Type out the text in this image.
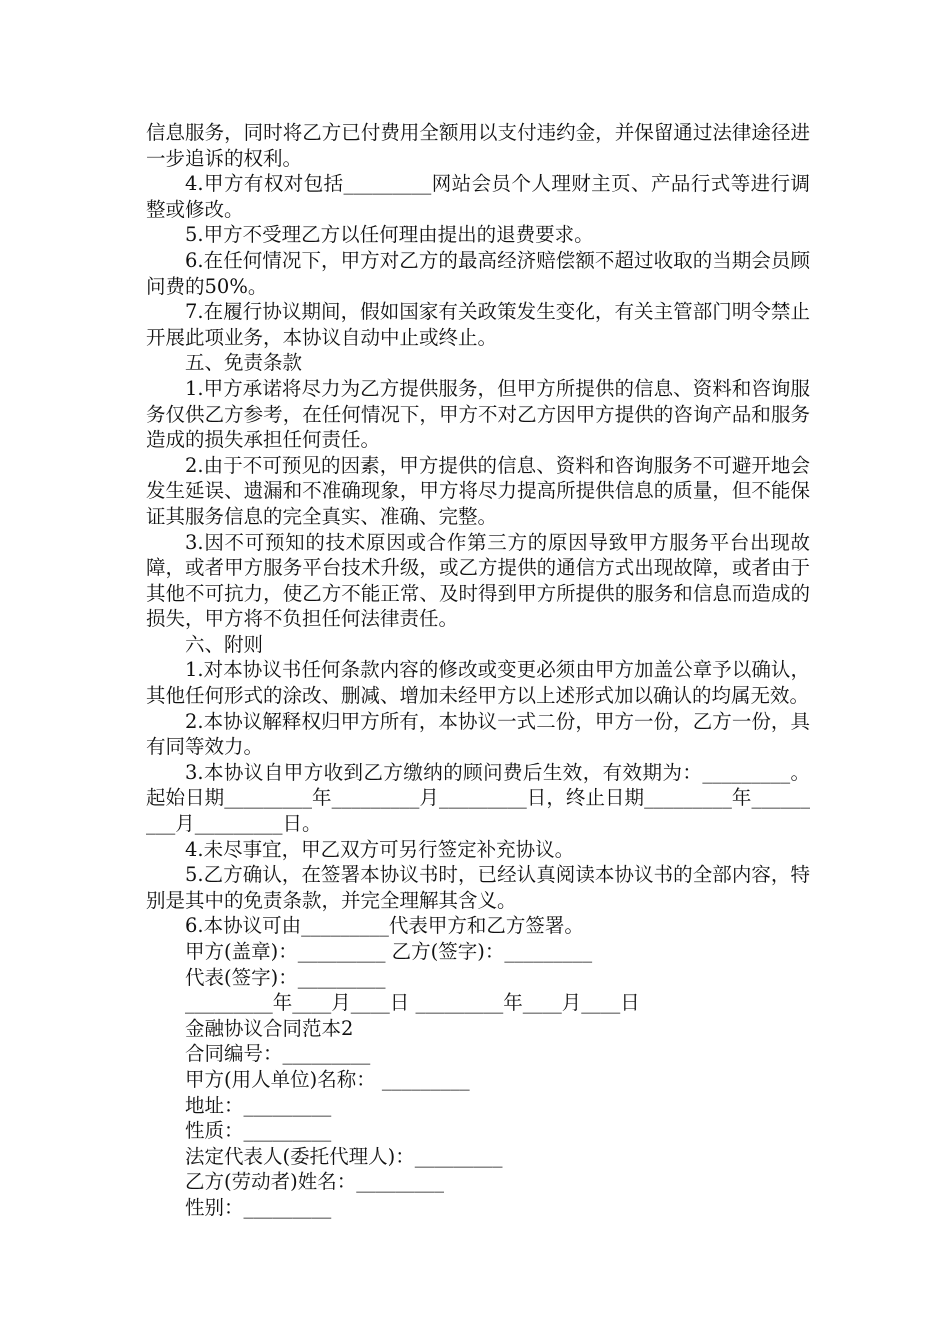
信息服务，同时将乙方已付费用全额用以支付违约金，并保留通过法律途径进一步追诉的权利。

4.甲方有权对包括_________网站会员个人理财主页、产品行式等进行调整或修改。

5.甲方不受理乙方以任何理由提出的退费要求。

6.在任何情况下，甲方对乙方的最高经济赔偿额不超过收取的当期会员顾问费的50%。

7.在履行协议期间，假如国家有关政策发生变化，有关主管部门明令禁止开展此项业务，本协议自动中止或终止。

五、免责条款

1.甲方承诺将尽力为乙方提供服务，但甲方所提供的信息、资料和咨询服务仅供乙方参考，在任何情况下，甲方不对乙方因甲方提供的咨询产品和服务造成的损失承担任何责任。

2.由于不可预见的因素，甲方提供的信息、资料和咨询服务不可避开地会发生延误、遗漏和不准确现象，甲方将尽力提高所提供信息的质量，但不能保证其服务信息的完全真实、准确、完整。

3.因不可预知的技术原因或合作第三方的原因导致甲方服务平台出现故障，或者甲方服务平台技术升级，或乙方提供的通信方式出现故障，或者由于其他不可抗力，使乙方不能正常、及时得到甲方所提供的服务和信息而造成的损失，甲方将不负担任何法律责任。

六、附则

1.对本协议书任何条款内容的修改或变更必须由甲方加盖公章予以确认，其他任何形式的涂改、删减、增加未经甲方以上述形式加以确认的均属无效。

2.本协议解释权归甲方所有，本协议一式二份，甲方一份，乙方一份，具有同等效力。

3.本协议自甲方收到乙方缴纳的顾问费后生效，有效期为：_________。起始日期_________年_________月_________日，终止日期_________年_________月_________日。

4.未尽事宜，甲乙双方可另行签定补充协议。

5.乙方确认，在签署本协议书时，已经认真阅读本协议书的全部内容，特别是其中的免责条款，并完全理解其含义。

6.本协议可由_________代表甲方和乙方签署。

甲方(盖章)：_________ 乙方(签字)：_________

代表(签字)：_________

_________年____月____日 _________年____月____日

金融协议合同范本2

合同编号：_________

甲方(用人单位)名称： _________

地址：_________

性质：_________

法定代表人(委托代理人)：_________

乙方(劳动者)姓名：_________

性别：_________
